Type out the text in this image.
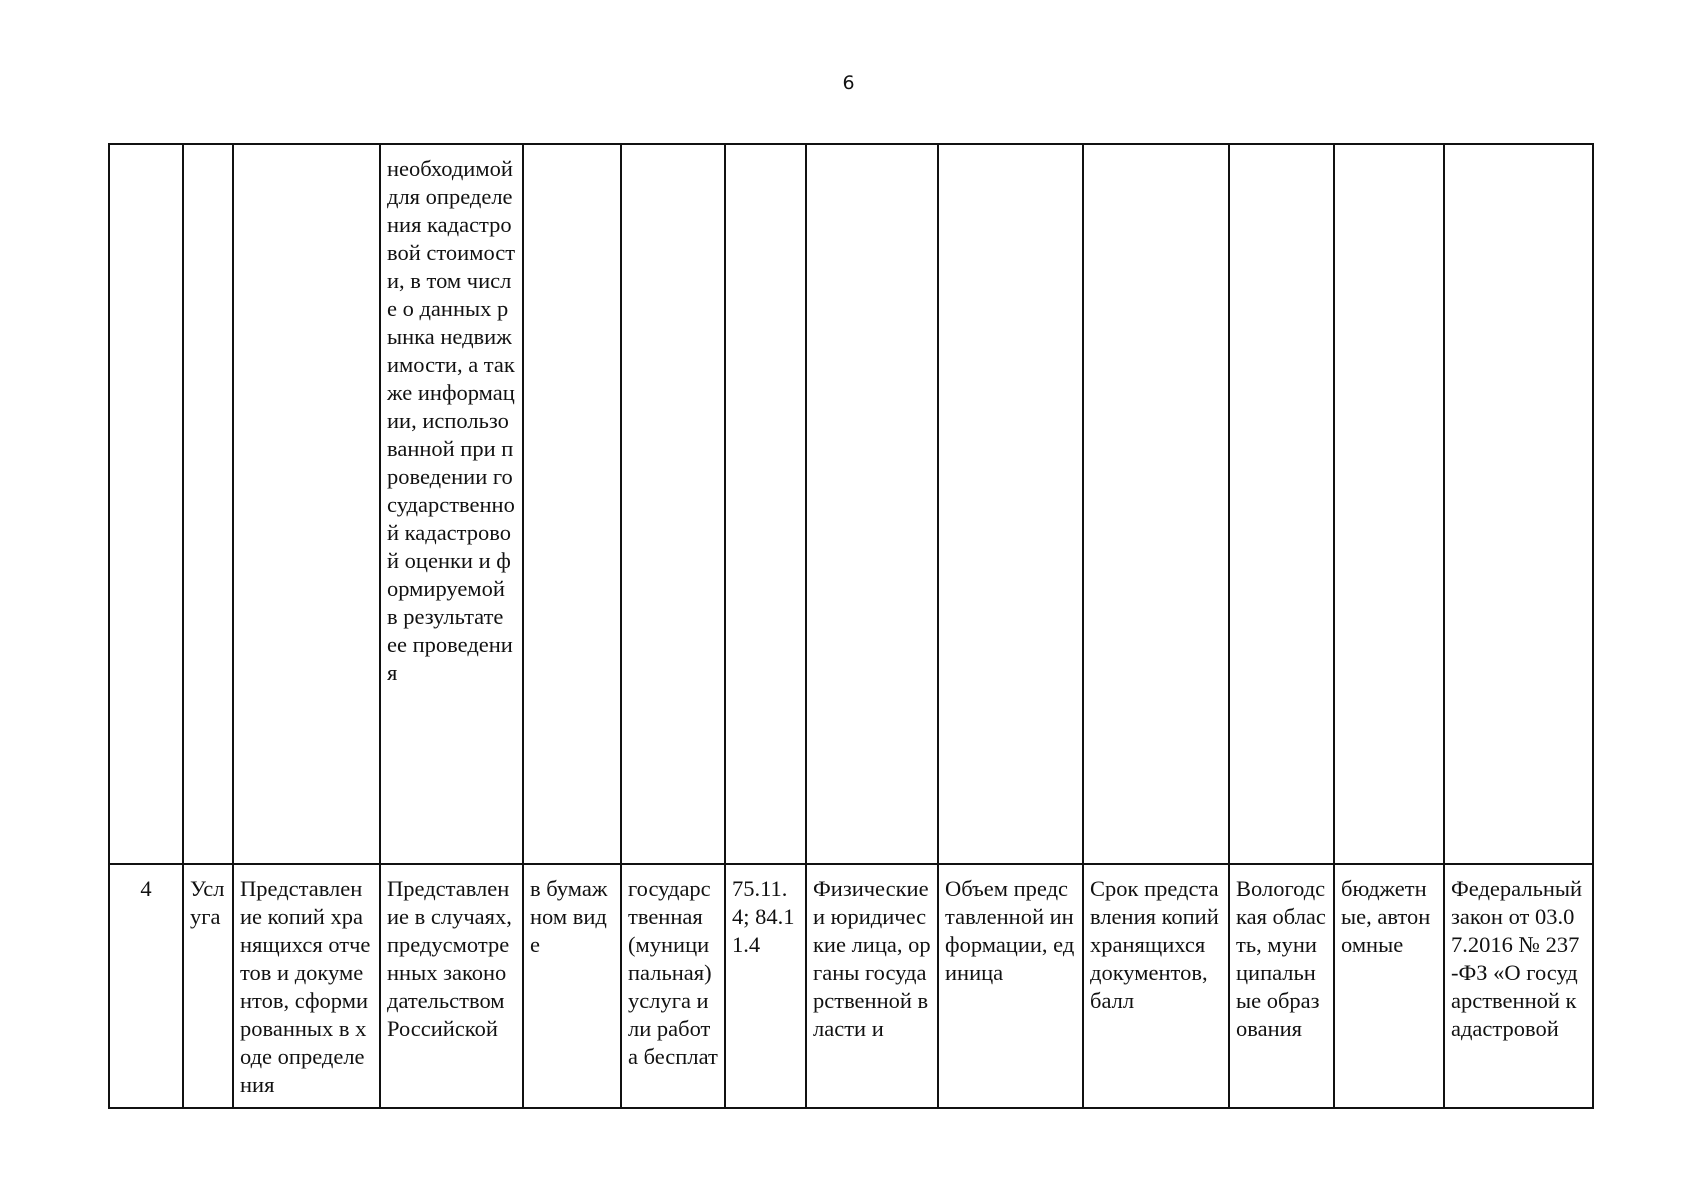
6
			необходимой для определения кадастровой стоимости, в том числе о данных рынка недвижимости, а также информации, использованной при проведении государственной кадастровой оценки и формируемой в результате ее проведения									
4	Услуга	Представление копий хранящихся отчетов и документов, сформированных в ходе определения	Представление в случаях, предусмотренных законодательством Российской	в бумажном виде	государственная (муниципальная) услуга или работа бесплат	75.11.4; 84.11.4	Физические и юридические лица, органы государственной власти и	Объем представленной информации, единица	Срок представления копий хранящихся документов, балл	Вологодская область, муниципальные образования	бюджетные, автономные	Федеральный закон от 03.07.2016 № 237-ФЗ «О государственной кадастровой
